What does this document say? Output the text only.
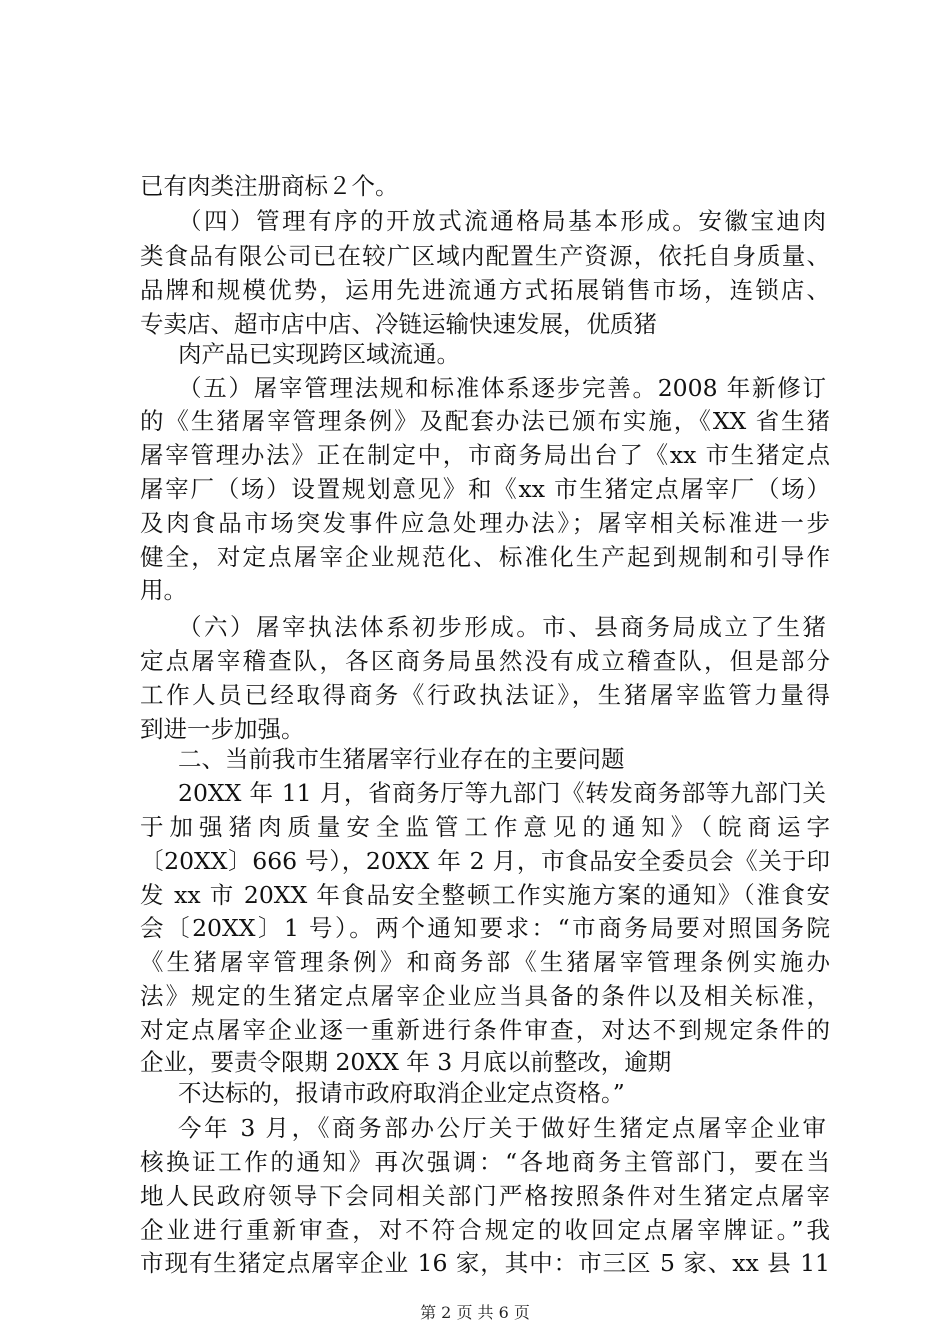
已有肉类注册商标２个。
（四）管理有序的开放式流通格局基本形成。安徽宝迪肉
类食品有限公司已在较广区域内配置生产资源，依托自身质量、
品牌和规模优势，运用先进流通方式拓展销售市场，连锁店、
专卖店、超市店中店、冷链运输快速发展，优质猪
肉产品已实现跨区域流通。
（五）屠宰管理法规和标准体系逐步完善。2008 年新修订
的《生猪屠宰管理条例》及配套办法已颁布实施，《XX 省生猪
屠宰管理办法》正在制定中，市商务局出台了《xx 市生猪定点
屠宰厂（场）设置规划意见》和《xx 市生猪定点屠宰厂（场）
及肉食品市场突发事件应急处理办法》；屠宰相关标准进一步
健全，对定点屠宰企业规范化、标准化生产起到规制和引导作
用。
（六）屠宰执法体系初步形成。市、县商务局成立了生猪
定点屠宰稽查队，各区商务局虽然没有成立稽查队，但是部分
工作人员已经取得商务《行政执法证》，生猪屠宰监管力量得
到进一步加强。
二、当前我市生猪屠宰行业存在的主要问题
20XX 年 11 月，省商务厅等九部门《转发商务部等九部门关
于加强猪肉质量安全监管工作意见的通知》（皖商运字
〔20XX〕666 号），20XX 年 2 月，市食品安全委员会《关于印
发 xx 市 20XX 年食品安全整顿工作实施方案的通知》（淮食安
会〔20XX〕1 号）。两个通知要求：“市商务局要对照国务院
《生猪屠宰管理条例》和商务部《生猪屠宰管理条例实施办
法》规定的生猪定点屠宰企业应当具备的条件以及相关标准，
对定点屠宰企业逐一重新进行条件审查，对达不到规定条件的
企业，要责令限期 20XX 年 3 月底以前整改，逾期
不达标的，报请市政府取消企业定点资格。”
今年 3 月，《商务部办公厅关于做好生猪定点屠宰企业审
核换证工作的通知》再次强调：“各地商务主管部门，要在当
地人民政府领导下会同相关部门严格按照条件对生猪定点屠宰
企业进行重新审查，对不符合规定的收回定点屠宰牌证。”我
市现有生猪定点屠宰企业 16 家，其中：市三区 5 家、xx 县 11
第 2 页 共 6 页
